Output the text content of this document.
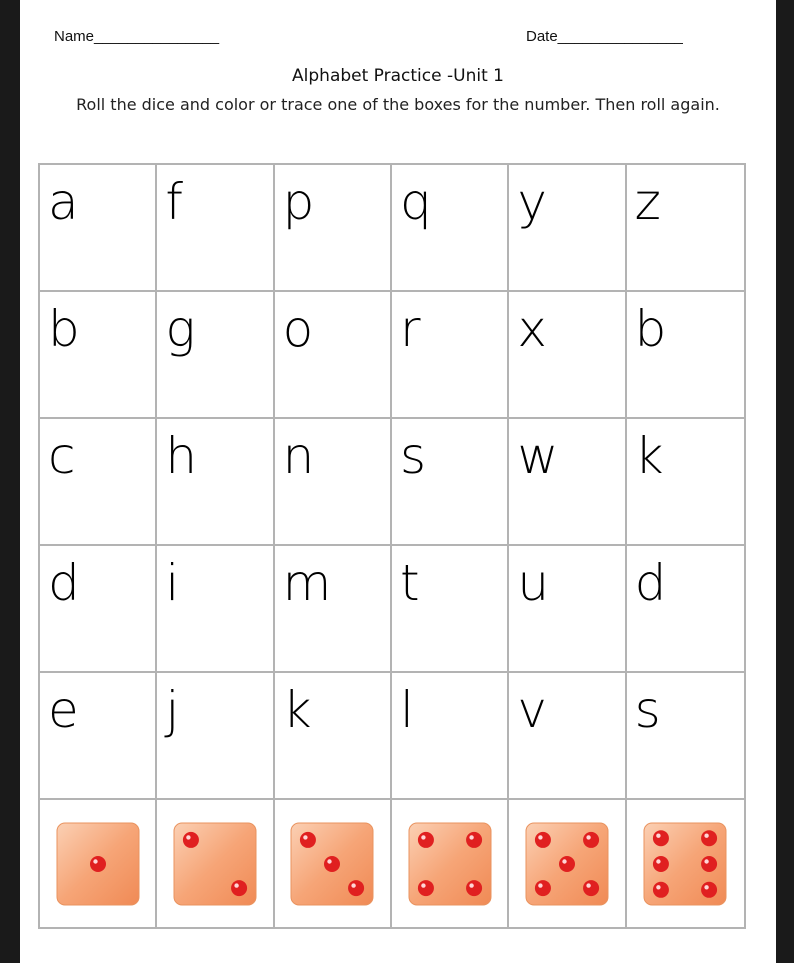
Name_______________	Date_______________
Alphabet Practice -Unit 1
Roll the dice and color or trace one of the boxes for the number. Then roll again.
a f p q y z
b g o r x b
c h n s w k
d i m t u d
e j k l v s
